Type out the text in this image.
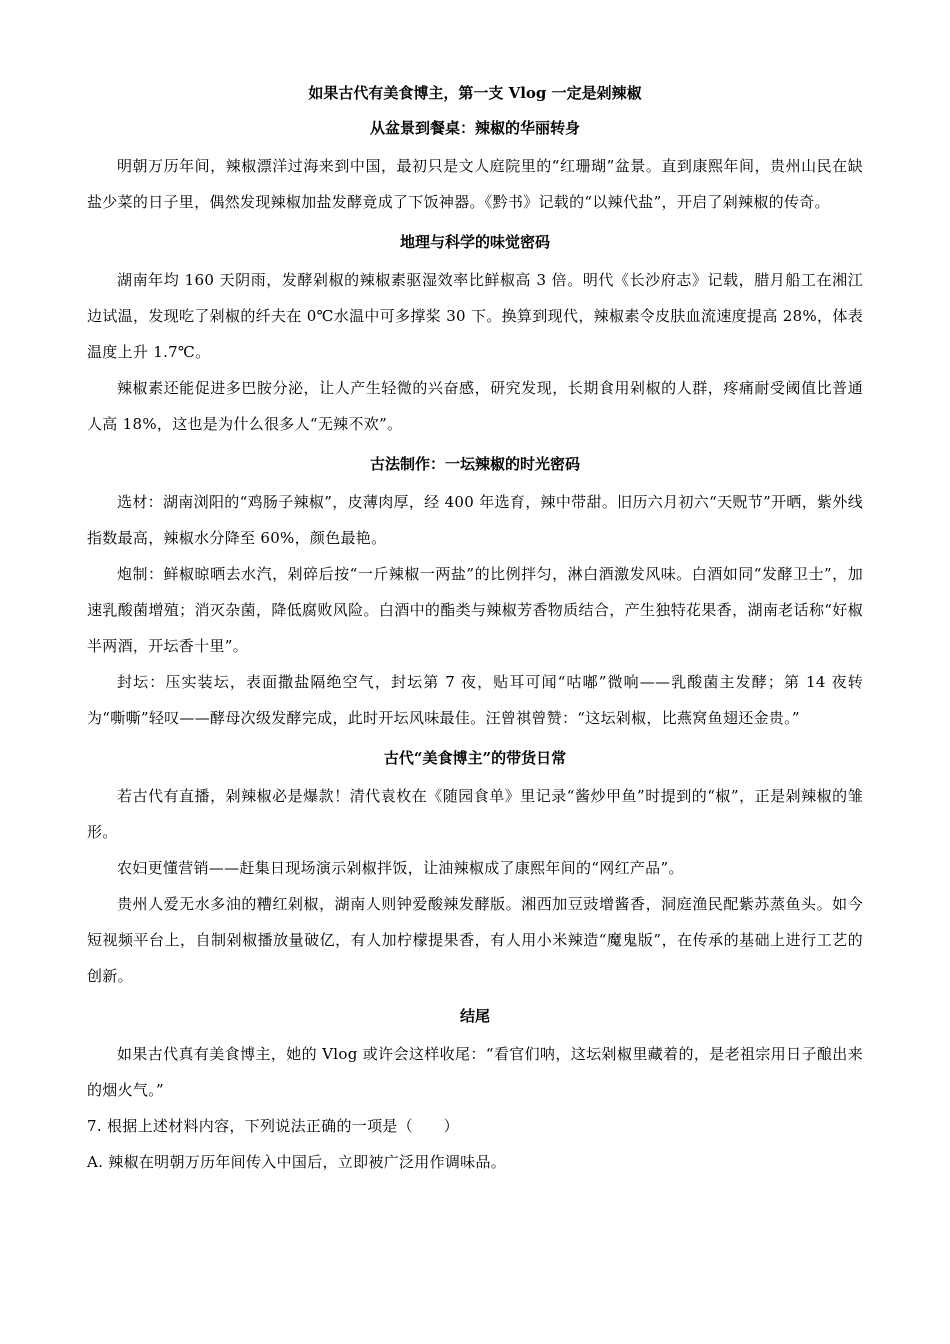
如果古代有美食博主，第一支 Vlog 一定是剁辣椒
从盆景到餐桌：辣椒的华丽转身

明朝万历年间，辣椒漂洋过海来到中国，最初只是文人庭院里的“红珊瑚”盆景。直到康熙年间，贵州山民在缺盐少菜的日子里，偶然发现辣椒加盐发酵竟成了下饭神器。《黔书》记载的“以辣代盐”，开启了剁辣椒的传奇。

地理与科学的味觉密码

湖南年均 160 天阴雨，发酵剁椒的辣椒素驱湿效率比鲜椒高 3 倍。明代《长沙府志》记载，腊月船工在湘江边试温，发现吃了剁椒的纤夫在 0℃水温中可多撑桨 30 下。换算到现代，辣椒素令皮肤血流速度提高 28%，体表温度上升 1.7℃。

辣椒素还能促进多巴胺分泌，让人产生轻微的兴奋感，研究发现，长期食用剁椒的人群，疼痛耐受阈值比普通人高 18%，这也是为什么很多人“无辣不欢”。

古法制作：一坛辣椒的时光密码

选材：湖南浏阳的“鸡肠子辣椒”，皮薄肉厚，经 400 年选育，辣中带甜。旧历六月初六“天贶节”开晒，紫外线指数最高，辣椒水分降至 60%，颜色最艳。

炮制：鲜椒晾晒去水汽，剁碎后按“一斤辣椒一两盐”的比例拌匀，淋白酒激发风味。白酒如同“发酵卫士”，加速乳酸菌增殖；消灭杂菌，降低腐败风险。白酒中的酯类与辣椒芳香物质结合，产生独特花果香，湖南老话称“好椒半两酒，开坛香十里”。

封坛：压实装坛，表面撒盐隔绝空气，封坛第 7 夜，贴耳可闻“咕嘟”微响——乳酸菌主发酵；第 14 夜转为“嘶嘶”轻叹——酵母次级发酵完成，此时开坛风味最佳。汪曾祺曾赞：“这坛剁椒，比燕窝鱼翅还金贵。”

古代“美食博主”的带货日常

若古代有直播，剁辣椒必是爆款！清代袁枚在《随园食单》里记录“酱炒甲鱼”时提到的“椒”，正是剁辣椒的雏形。

农妇更懂营销——赶集日现场演示剁椒拌饭，让油辣椒成了康熙年间的“网红产品”。

贵州人爱无水多油的糟红剁椒，湖南人则钟爱酸辣发酵版。湘西加豆豉增酱香，洞庭渔民配紫苏蒸鱼头。如今短视频平台上，自制剁椒播放量破亿，有人加柠檬提果香，有人用小米辣造“魔鬼版”，在传承的基础上进行工艺的创新。

结尾

如果古代真有美食博主，她的 Vlog 或许会这样收尾：“看官们呐，这坛剁椒里藏着的，是老祖宗用日子酿出来的烟火气。”

7. 根据上述材料内容，下列说法正确的一项是（　　）

A. 辣椒在明朝万历年间传入中国后，立即被广泛用作调味品。
